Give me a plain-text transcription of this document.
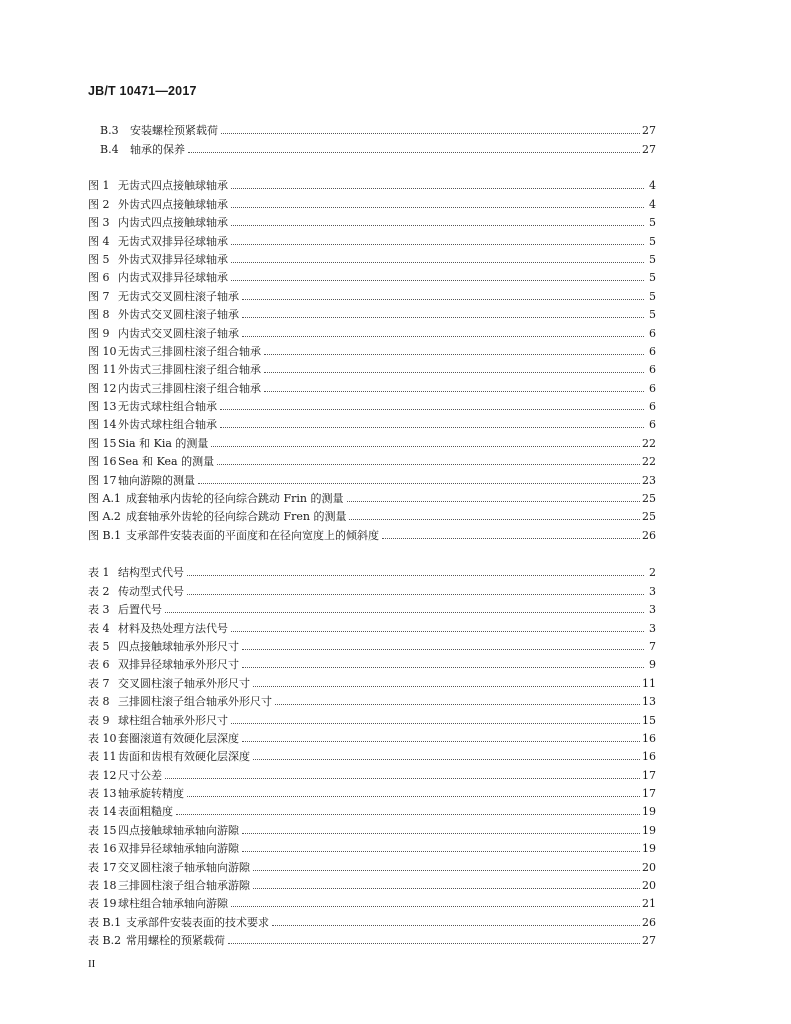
JB/T 10471—2017
B.3	安装螺栓预紧载荷	27
B.4	轴承的保养	27
图 1 无齿式四点接触球轴承	4
图 2 外齿式四点接触球轴承	4
图 3 内齿式四点接触球轴承	5
图 4 无齿式双排异径球轴承	5
图 5 外齿式双排异径球轴承	5
图 6 内齿式双排异径球轴承	5
图 7 无齿式交叉圆柱滚子轴承	5
图 8 外齿式交叉圆柱滚子轴承	5
图 9 内齿式交叉圆柱滚子轴承	6
图 10 无齿式三排圆柱滚子组合轴承	6
图 11 外齿式三排圆柱滚子组合轴承	6
图 12 内齿式三排圆柱滚子组合轴承	6
图 13 无齿式球柱组合轴承	6
图 14 外齿式球柱组合轴承	6
图 15 Sia 和 Kia 的测量	22
图 16 Sea 和 Kea 的测量	22
图 17 轴向游隙的测量	23
图 A.1 成套轴承内齿轮的径向综合跳动 Frin 的测量	25
图 A.2 成套轴承外齿轮的径向综合跳动 Fren 的测量	25
图 B.1 支承部件安装表面的平面度和在径向宽度上的倾斜度	26
表 1 结构型式代号	2
表 2 传动型式代号	3
表 3 后置代号	3
表 4 材料及热处理方法代号	3
表 5 四点接触球轴承外形尺寸	7
表 6 双排异径球轴承外形尺寸	9
表 7 交叉圆柱滚子轴承外形尺寸	11
表 8 三排圆柱滚子组合轴承外形尺寸	13
表 9 球柱组合轴承外形尺寸	15
表 10 套圈滚道有效硬化层深度	16
表 11 齿面和齿根有效硬化层深度	16
表 12 尺寸公差	17
表 13 轴承旋转精度	17
表 14 表面粗糙度	19
表 15 四点接触球轴承轴向游隙	19
表 16 双排异径球轴承轴向游隙	19
表 17 交叉圆柱滚子轴承轴向游隙	20
表 18 三排圆柱滚子组合轴承游隙	20
表 19 球柱组合轴承轴向游隙	21
表 B.1 支承部件安装表面的技术要求	26
表 B.2 常用螺栓的预紧载荷	27
II
